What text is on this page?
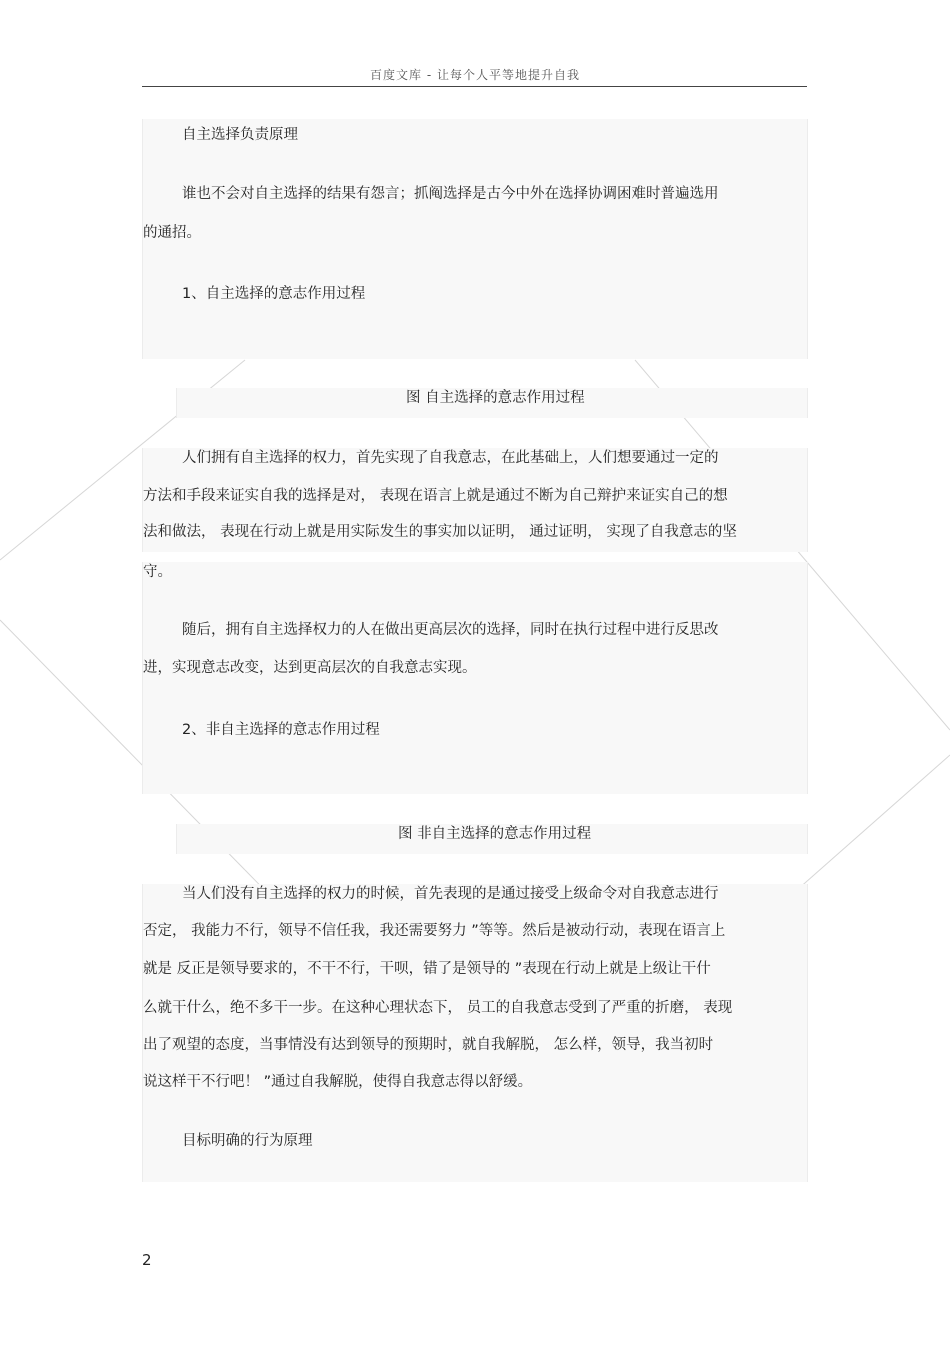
百度文库 - 让每个人平等地提升自我
自主选择负责原理
谁也不会对自主选择的结果有怨言；抓阄选择是古今中外在选择协调困难时普遍选用
的通招。
1、自主选择的意志作用过程
图 自主选择的意志作用过程
人们拥有自主选择的权力，首先实现了自我意志，在此基础上，人们想要通过一定的
方法和手段来证实自我的选择是对， 表现在语言上就是通过不断为自己辩护来证实自己的想
法和做法， 表现在行动上就是用实际发生的事实加以证明， 通过证明， 实现了自我意志的坚
守。
随后，拥有自主选择权力的人在做出更高层次的选择，同时在执行过程中进行反思改
进，实现意志改变，达到更高层次的自我意志实现。
2、非自主选择的意志作用过程
图 非自主选择的意志作用过程
当人们没有自主选择的权力的时候，首先表现的是通过接受上级命令对自我意志进行
否定， 我能力不行，领导不信任我，我还需要努力 ”等等。然后是被动行动，表现在语言上
就是 反正是领导要求的，不干不行，干呗，错了是领导的 ”表现在行动上就是上级让干什
么就干什么，绝不多干一步。在这种心理状态下， 员工的自我意志受到了严重的折磨， 表现
出了观望的态度，当事情没有达到领导的预期时，就自我解脱， 怎么样，领导，我当初时
说这样干不行吧！ ”通过自我解脱，使得自我意志得以舒缓。
目标明确的行为原理
2
